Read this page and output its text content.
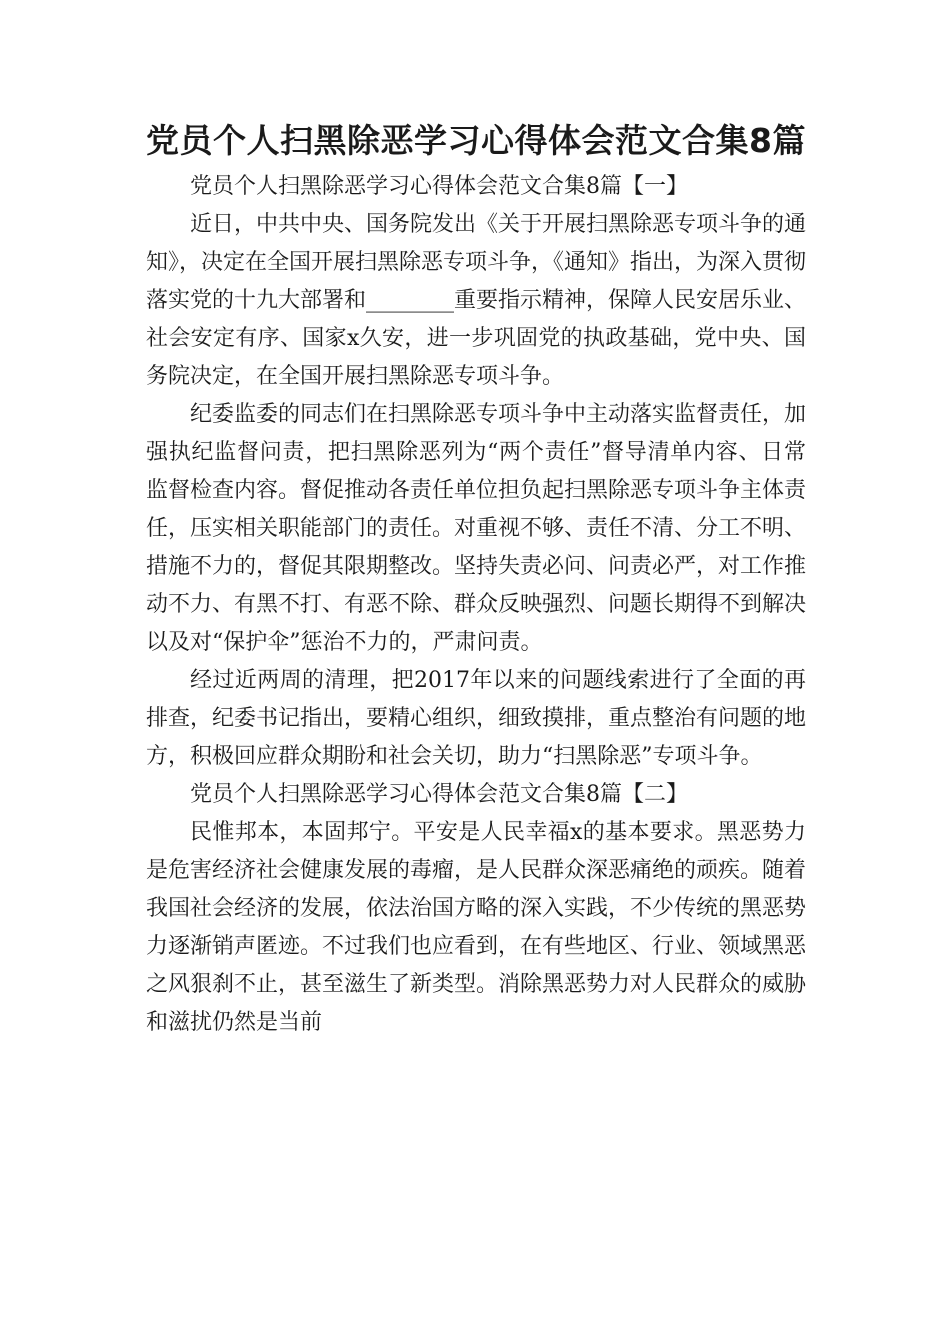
党员个人扫黑除恶学习心得体会范文合集8篇

党员个人扫黑除恶学习心得体会范文合集8篇【一】

近日，中共中央、国务院发出《关于开展扫黑除恶专项斗争的通知》，决定在全国开展扫黑除恶专项斗争，《通知》指出，为深入贯彻落实党的十九大部署和________重要指示精神，保障人民安居乐业、社会安定有序、国家x久安，进一步巩固党的执政基础，党中央、国务院决定，在全国开展扫黑除恶专项斗争。

纪委监委的同志们在扫黑除恶专项斗争中主动落实监督责任，加强执纪监督问责，把扫黑除恶列为“两个责任”督导清单内容、日常监督检查内容。督促推动各责任单位担负起扫黑除恶专项斗争主体责任，压实相关职能部门的责任。对重视不够、责任不清、分工不明、措施不力的，督促其限期整改。坚持失责必问、问责必严，对工作推动不力、有黑不打、有恶不除、群众反映强烈、问题长期得不到解决以及对“保护伞”惩治不力的，严肃问责。

经过近两周的清理，把2017年以来的问题线索进行了全面的再排查，纪委书记指出，要精心组织，细致摸排，重点整治有问题的地方，积极回应群众期盼和社会关切，助力“扫黑除恶”专项斗争。

党员个人扫黑除恶学习心得体会范文合集8篇【二】

民惟邦本，本固邦宁。平安是人民幸福x的基本要求。黑恶势力是危害经济社会健康发展的毒瘤，是人民群众深恶痛绝的顽疾。随着我国社会经济的发展，依法治国方略的深入实践，不少传统的黑恶势力逐渐销声匿迹。不过我们也应看到，在有些地区、行业、领域黑恶之风狠刹不止，甚至滋生了新类型。消除黑恶势力对人民群众的威胁和滋扰仍然是当前
